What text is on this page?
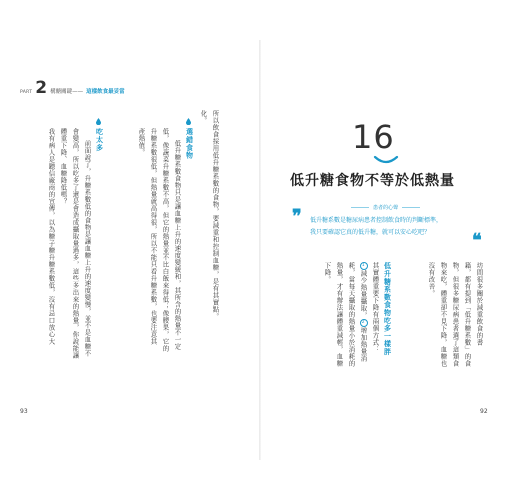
PART 2 構醣關鍵—— 這樣飲食最妥當
所以飲食採用低升糖系數的食物，要減重和控制血糖，是有其實點。
化。
選錯食物
低升糖系數食物只是讓血糖上升的速度變緩和，其所含的熱量不一定
低，像蔬菜升糖系數不高，但它的熱量並不比白飯來得低；像腰果，它的
升糖系數很低，但熱量就高得很，所以不能只看升糖系數，也要注意其
產熱值。
吃太多
前面說了，升糖系數低的食物是讓血糖上升的速度變慢，並不是血糖不
會變高，所以吃多了還是會造成攝取量過多，這些多出來的熱量，你說能讓
體重下降、血糖降低嗎？
我有病人是聽信廠商的宣傳，以為糖子糖升糖系數低，沒有忌口放心大
93	92
16
低升糖食物不等於低熱量
患者的心聲
❞ 低升糖系數是糖尿病患者控制飲食時的判斷標準，
我只要確認它真的低升糖，就可以安心吃吧？	❝
坊間很多關於減重飲食的書
籍，都有提到「低升糖系數」的食
物，但很多糖尿病患者選了這類食
物來吃，體重卻不見下降，血糖也
沒有改善。
低升糖系數食物吃多一樣胖
其實體重要下降有兩個方式：
1減少熱量攝取，2增加熱量消
耗，當每天攝取的熱量小於消耗的
熱量，才有辦法讓體重減輕，血糖
下降。
